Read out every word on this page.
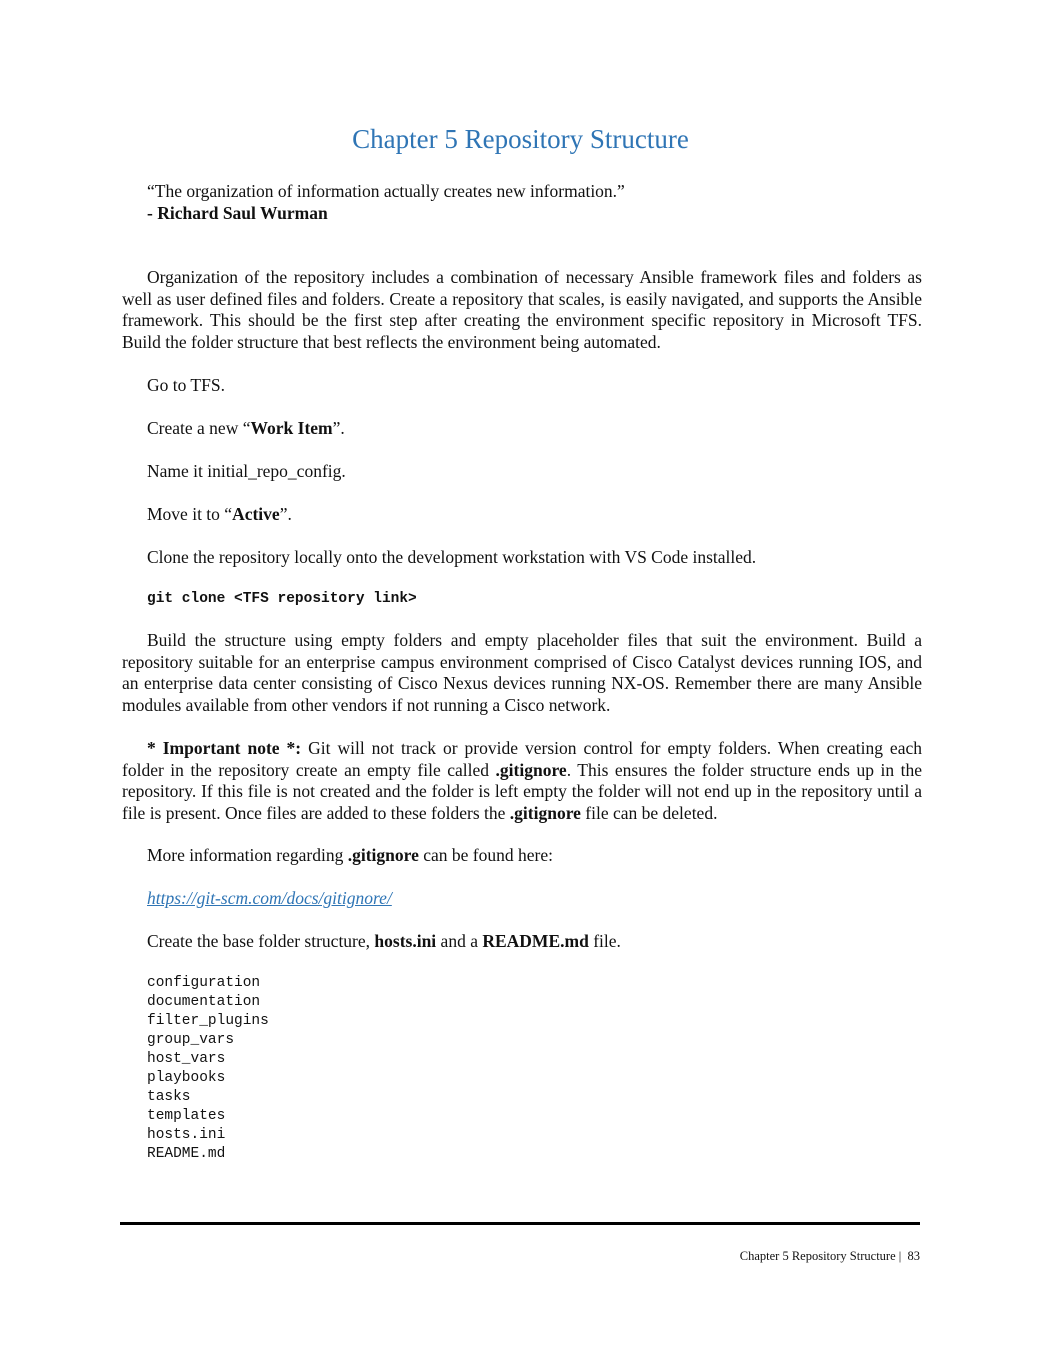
Chapter 5 Repository Structure

“The organization of information actually creates new information.”

- Richard Saul Wurman

Organization of the repository includes a combination of necessary Ansible framework files and folders as well as user defined files and folders. Create a repository that scales, is easily navigated, and supports the Ansible framework. This should be the first step after creating the environment specific repository in Microsoft TFS. Build the folder structure that best reflects the environment being automated.

Go to TFS.

Create a new “Work Item”.

Name it initial_repo_config.

Move it to “Active”.

Clone the repository locally onto the development workstation with VS Code installed.

git clone <TFS repository link>

Build the structure using empty folders and empty placeholder files that suit the environment. Build a repository suitable for an enterprise campus environment comprised of Cisco Catalyst devices running IOS, and an enterprise data center consisting of Cisco Nexus devices running NX-OS. Remember there are many Ansible modules available from other vendors if not running a Cisco network.

* Important note *: Git will not track or provide version control for empty folders. When creating each folder in the repository create an empty file called .gitignore. This ensures the folder structure ends up in the repository. If this file is not created and the folder is left empty the folder will not end up in the repository until a file is present. Once files are added to these folders the .gitignore file can be deleted.

More information regarding .gitignore can be found here:

https://git-scm.com/docs/gitignore/

Create the base folder structure, hosts.ini and a README.md file.

configuration
documentation
filter_plugins
group_vars
host_vars
playbooks
tasks
templates
hosts.ini
README.md
Chapter 5 Repository Structure | 83
